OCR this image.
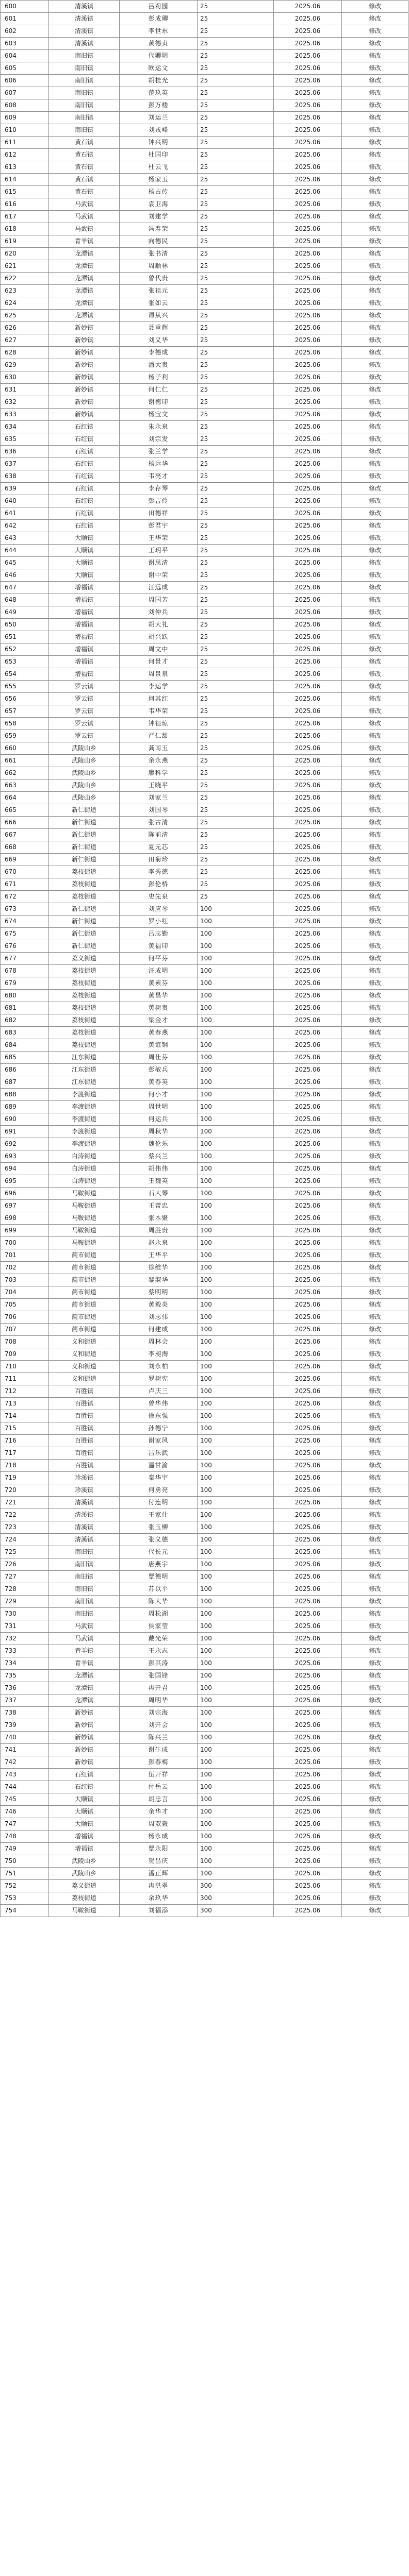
600	清溪镇	吕莉园	25	2025.06	修改
601	清溪镇	彭成卿	25	2025.06	修改
602	清溪镇	李世东	25	2025.06	修改
603	清溪镇	黄德贞	25	2025.06	修改
604	南旧镇	代卿明	25	2025.06	修改
605	南旧镇	欧运文	25	2025.06	修改
606	南旧镇	胡桂光	25	2025.06	修改
607	南旧镇	范玖英	25	2025.06	修改
608	南旧镇	彭万楼	25	2025.06	修改
609	南旧镇	刘运兰	25	2025.06	修改
610	南旧镇	刘戎峰	25	2025.06	修改
611	黄石镇	钟兴明	25	2025.06	修改
612	黄石镇	杜国印	25	2025.06	修改
613	黄石镇	杜云飞	25	2025.06	修改
614	黄石镇	杨家玉	25	2025.06	修改
615	黄石镇	杨占传	25	2025.06	修改
616	马武镇	袁卫海	25	2025.06	修改
617	马武镇	刘建学	25	2025.06	修改
618	马武镇	冯寿荣	25	2025.06	修改
619	青羊镇	向德民	25	2025.06	修改
620	龙潭镇	张书清	25	2025.06	修改
621	龙潭镇	周顺林	25	2025.06	修改
622	龙潭镇	曾代贵	25	2025.06	修改
623	龙潭镇	张祖元	25	2025.06	修改
624	龙潭镇	张如云	25	2025.06	修改
625	龙潭镇	谭从兴	25	2025.06	修改
626	新妙镇	聂重辉	25	2025.06	修改
627	新妙镇	刘义华	25	2025.06	修改
628	新妙镇	李德成	25	2025.06	修改
629	新妙镇	潘大贵	25	2025.06	修改
630	新妙镇	杨子利	25	2025.06	修改
631	新妙镇	何仁仁	25	2025.06	修改
632	新妙镇	谢德印	25	2025.06	修改
633	新妙镇	杨宝文	25	2025.06	修改
634	石红镇	朱永泉	25	2025.06	修改
635	石红镇	刘宗发	25	2025.06	修改
636	石红镇	张兰学	25	2025.06	修改
637	石红镇	杨远华	25	2025.06	修改
638	石红镇	韦亮才	25	2025.06	修改
639	石红镇	李存琴	25	2025.06	修改
640	石红镇	彭吉伶	25	2025.06	修改
641	石红镇	田德祥	25	2025.06	修改
642	石红镇	彭君宇	25	2025.06	修改
643	大顺镇	王华荣	25	2025.06	修改
644	大顺镇	王玥平	25	2025.06	修改
645	大顺镇	谢思清	25	2025.06	修改
646	大顺镇	谢中荣	25	2025.06	修改
647	增福镇	汪远成	25	2025.06	修改
648	增福镇	周国芳	25	2025.06	修改
649	增福镇	刘仲兵	25	2025.06	修改
650	增福镇	胡大礼	25	2025.06	修改
651	增福镇	胡兴跃	25	2025.06	修改
652	增福镇	周文中	25	2025.06	修改
653	增福镇	何景才	25	2025.06	修改
654	增福镇	周景泉	25	2025.06	修改
655	罗云镇	李运学	25	2025.06	修改
656	罗云镇	何其红	25	2025.06	修改
657	罗云镇	韦华荣	25	2025.06	修改
658	罗云镇	钟祖琼	25	2025.06	修改
659	罗云镇	严仁甜	25	2025.06	修改
660	武陵山乡	龚南玉	25	2025.06	修改
661	武陵山乡	余永燕	25	2025.06	修改
662	武陵山乡	廖科学	25	2025.06	修改
663	武陵山乡	王晓平	25	2025.06	修改
664	武陵山乡	刘家兰	25	2025.06	修改
665	新仁街道	刘国琴	25	2025.06	修改
666	新仁街道	张古清	25	2025.06	修改
667	新仁街道	陈前清	25	2025.06	修改
668	新仁街道	夏元芯	25	2025.06	修改
669	新仁街道	田菊珍	25	2025.06	修改
670	荔枝街道	李秀德	25	2025.06	修改
671	荔枝街道	彭伦桥	25	2025.06	修改
672	荔枝街道	史先泉	25	2025.06	修改
673	新仁街道	刘应琴	100	2025.06	修改
674	新仁街道	罗小红	100	2025.06	修改
675	新仁街道	吕志勤	100	2025.06	修改
676	新仁街道	黄福印	100	2025.06	修改
677	荔义街道	何平芬	100	2025.06	修改
678	荔枝街道	汪成明	100	2025.06	修改
679	荔枝街道	黄素芬	100	2025.06	修改
680	荔枝街道	黄昌华	100	2025.06	修改
681	荔枝街道	黄树贵	100	2025.06	修改
682	荔枝街道	梁金才	100	2025.06	修改
683	荔枝街道	黄春燕	100	2025.06	修改
684	荔枝街道	黄谊钢	100	2025.06	修改
685	江东街道	周仕芬	100	2025.06	修改
686	江东街道	彭敏兵	100	2025.06	修改
687	江东街道	黄春英	100	2025.06	修改
688	李渡街道	何小才	100	2025.06	修改
689	李渡街道	周世明	100	2025.06	修改
690	李渡街道	何运兵	100	2025.06	修改
691	李渡街道	周秋华	100	2025.06	修改
692	李渡街道	魏伦乐	100	2025.06	修改
693	白涛街道	蔡兴兰	100	2025.06	修改
694	白涛街道	胡伟伟	100	2025.06	修改
695	白涛街道	王魏英	100	2025.06	修改
696	马鞍街道	石大琴	100	2025.06	修改
697	马鞍街道	王蕾忠	100	2025.06	修改
698	马鞍街道	张本聚	100	2025.06	修改
699	马鞍街道	周胜贵	100	2025.06	修改
700	马鞍街道	赵永泉	100	2025.06	修改
701	蔺市街道	王华平	100	2025.06	修改
702	蔺市街道	徐维华	100	2025.06	修改
703	蔺市街道	黎淑华	100	2025.06	修改
704	蔺市街道	蔡明明	100	2025.06	修改
705	蔺市街道	黄毅炎	100	2025.06	修改
706	蔺市街道	刘志伟	100	2025.06	修改
707	蔺市街道	何建成	100	2025.06	修改
708	义和街道	周林会	100	2025.06	修改
709	义和街道	李昶淘	100	2025.06	修改
710	义和街道	刘永柏	100	2025.06	修改
711	义和街道	罗树宪	100	2025.06	修改
712	百胜镇	卢庆三	100	2025.06	修改
713	百胜镇	曾华伟	100	2025.06	修改
714	百胜镇	徐东强	100	2025.06	修改
715	百胜镇	孙德宁	100	2025.06	修改
716	百胜镇	谢家风	100	2025.06	修改
717	百胜镇	吕乐武	100	2025.06	修改
718	百胜镇	温甘渝	100	2025.06	修改
719	珍溪镇	秦华宇	100	2025.06	修改
720	珍溪镇	何勇亮	100	2025.06	修改
721	清溪镇	付连明	100	2025.06	修改
722	清溪镇	王家仕	100	2025.06	修改
723	清溪镇	张玉柳	100	2025.06	修改
724	清溪镇	张义德	100	2025.06	修改
725	南旧镇	代长元	100	2025.06	修改
726	南旧镇	唐燕宇	100	2025.06	修改
727	南旧镇	覃德明	100	2025.06	修改
728	南旧镇	苏以平	100	2025.06	修改
729	南旧镇	陈大华	100	2025.06	修改
730	南旧镇	周松湖	100	2025.06	修改
731	马武镇	侯家莹	100	2025.06	修改
732	马武镇	戴光荣	100	2025.06	修改
733	青羊镇	王永志	100	2025.06	修改
734	青羊镇	彭其涛	100	2025.06	修改
735	龙潭镇	张国锋	100	2025.06	修改
736	龙潭镇	冉开君	100	2025.06	修改
737	龙潭镇	周明华	100	2025.06	修改
738	新妙镇	刘宗海	100	2025.06	修改
739	新妙镇	刘开会	100	2025.06	修改
740	新妙镇	陈兴兰	100	2025.06	修改
741	新妙镇	谢生成	100	2025.06	修改
742	新妙镇	彭春梅	100	2025.06	修改
743	石红镇	伍开祥	100	2025.06	修改
744	石红镇	付岳云	100	2025.06	修改
745	大顺镇	胡忠言	100	2025.06	修改
746	大顺镇	余华才	100	2025.06	修改
747	大顺镇	周双毅	100	2025.06	修改
748	增福镇	杨永成	100	2025.06	修改
749	增福镇	覃永阳	100	2025.06	修改
750	武陵山乡	贺昌庆	100	2025.06	修改
751	武陵山乡	潘正辉	100	2025.06	修改
752	荔义街道	冉洪翠	300	2025.06	修改
753	荔枝街道	余玖华	300	2025.06	修改
754	马鞍街道	刘福添	300	2025.06	修改
